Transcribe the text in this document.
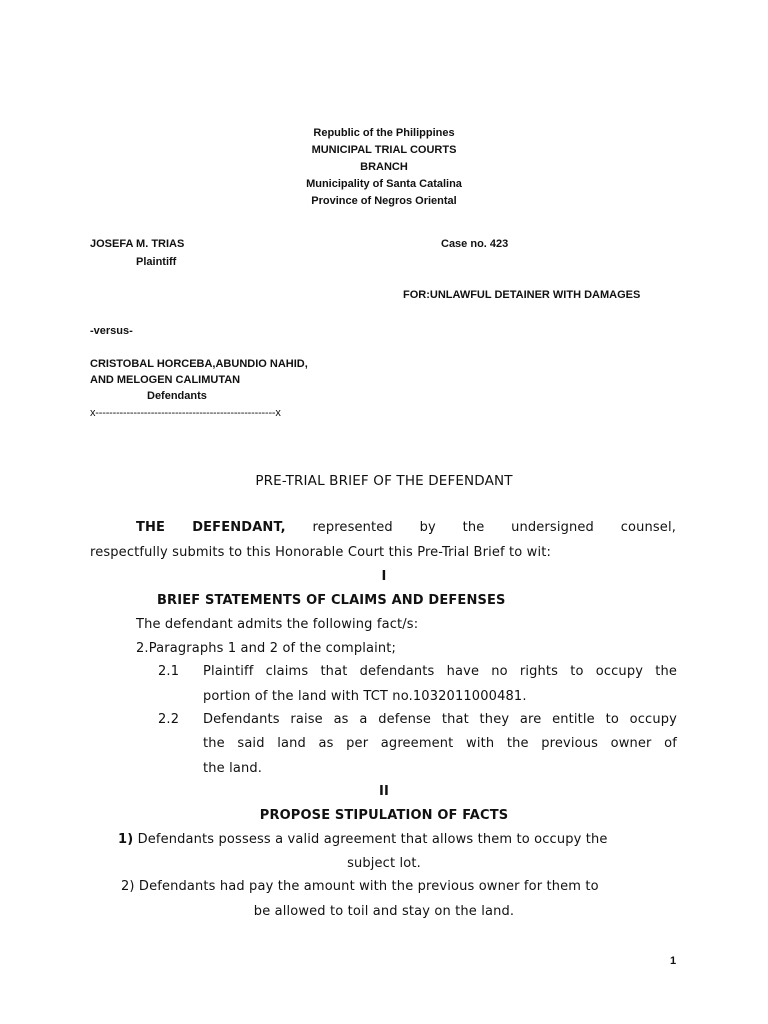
Republic of the Philippines
MUNICIPAL TRIAL COURTS
BRANCH
Municipality of Santa Catalina
Province of Negros Oriental
JOSEFA M. TRIAS	Case no. 423
Plaintiff
FOR:UNLAWFUL DETAINER WITH DAMAGES
-versus-
CRISTOBAL HORCEBA,ABUNDIO NAHID,
AND MELOGEN CALIMUTAN
Defendants
x----------------------------------------------------x
PRE-TRIAL BRIEF OF THE DEFENDANT
THE DEFENDANT, represented by the undersigned counsel,
respectfully submits to this Honorable Court this Pre-Trial Brief to wit:
I
BRIEF STATEMENTS OF CLAIMS AND DEFENSES
The defendant admits the following fact/s:
2.Paragraphs 1 and 2 of the complaint;
2.1 Plaintiff claims that defendants have no rights to occupy the
portion of the land with TCT no.1032011000481.
2.2 Defendants raise as a defense that they are entitle to occupy
the said land as per agreement with the previous owner of
the land.
II
PROPOSE STIPULATION OF FACTS
1) Defendants possess a valid agreement that allows them to occupy the
subject lot.
2) Defendants had pay the amount with the previous owner for them to
be allowed to toil and stay on the land.
1
